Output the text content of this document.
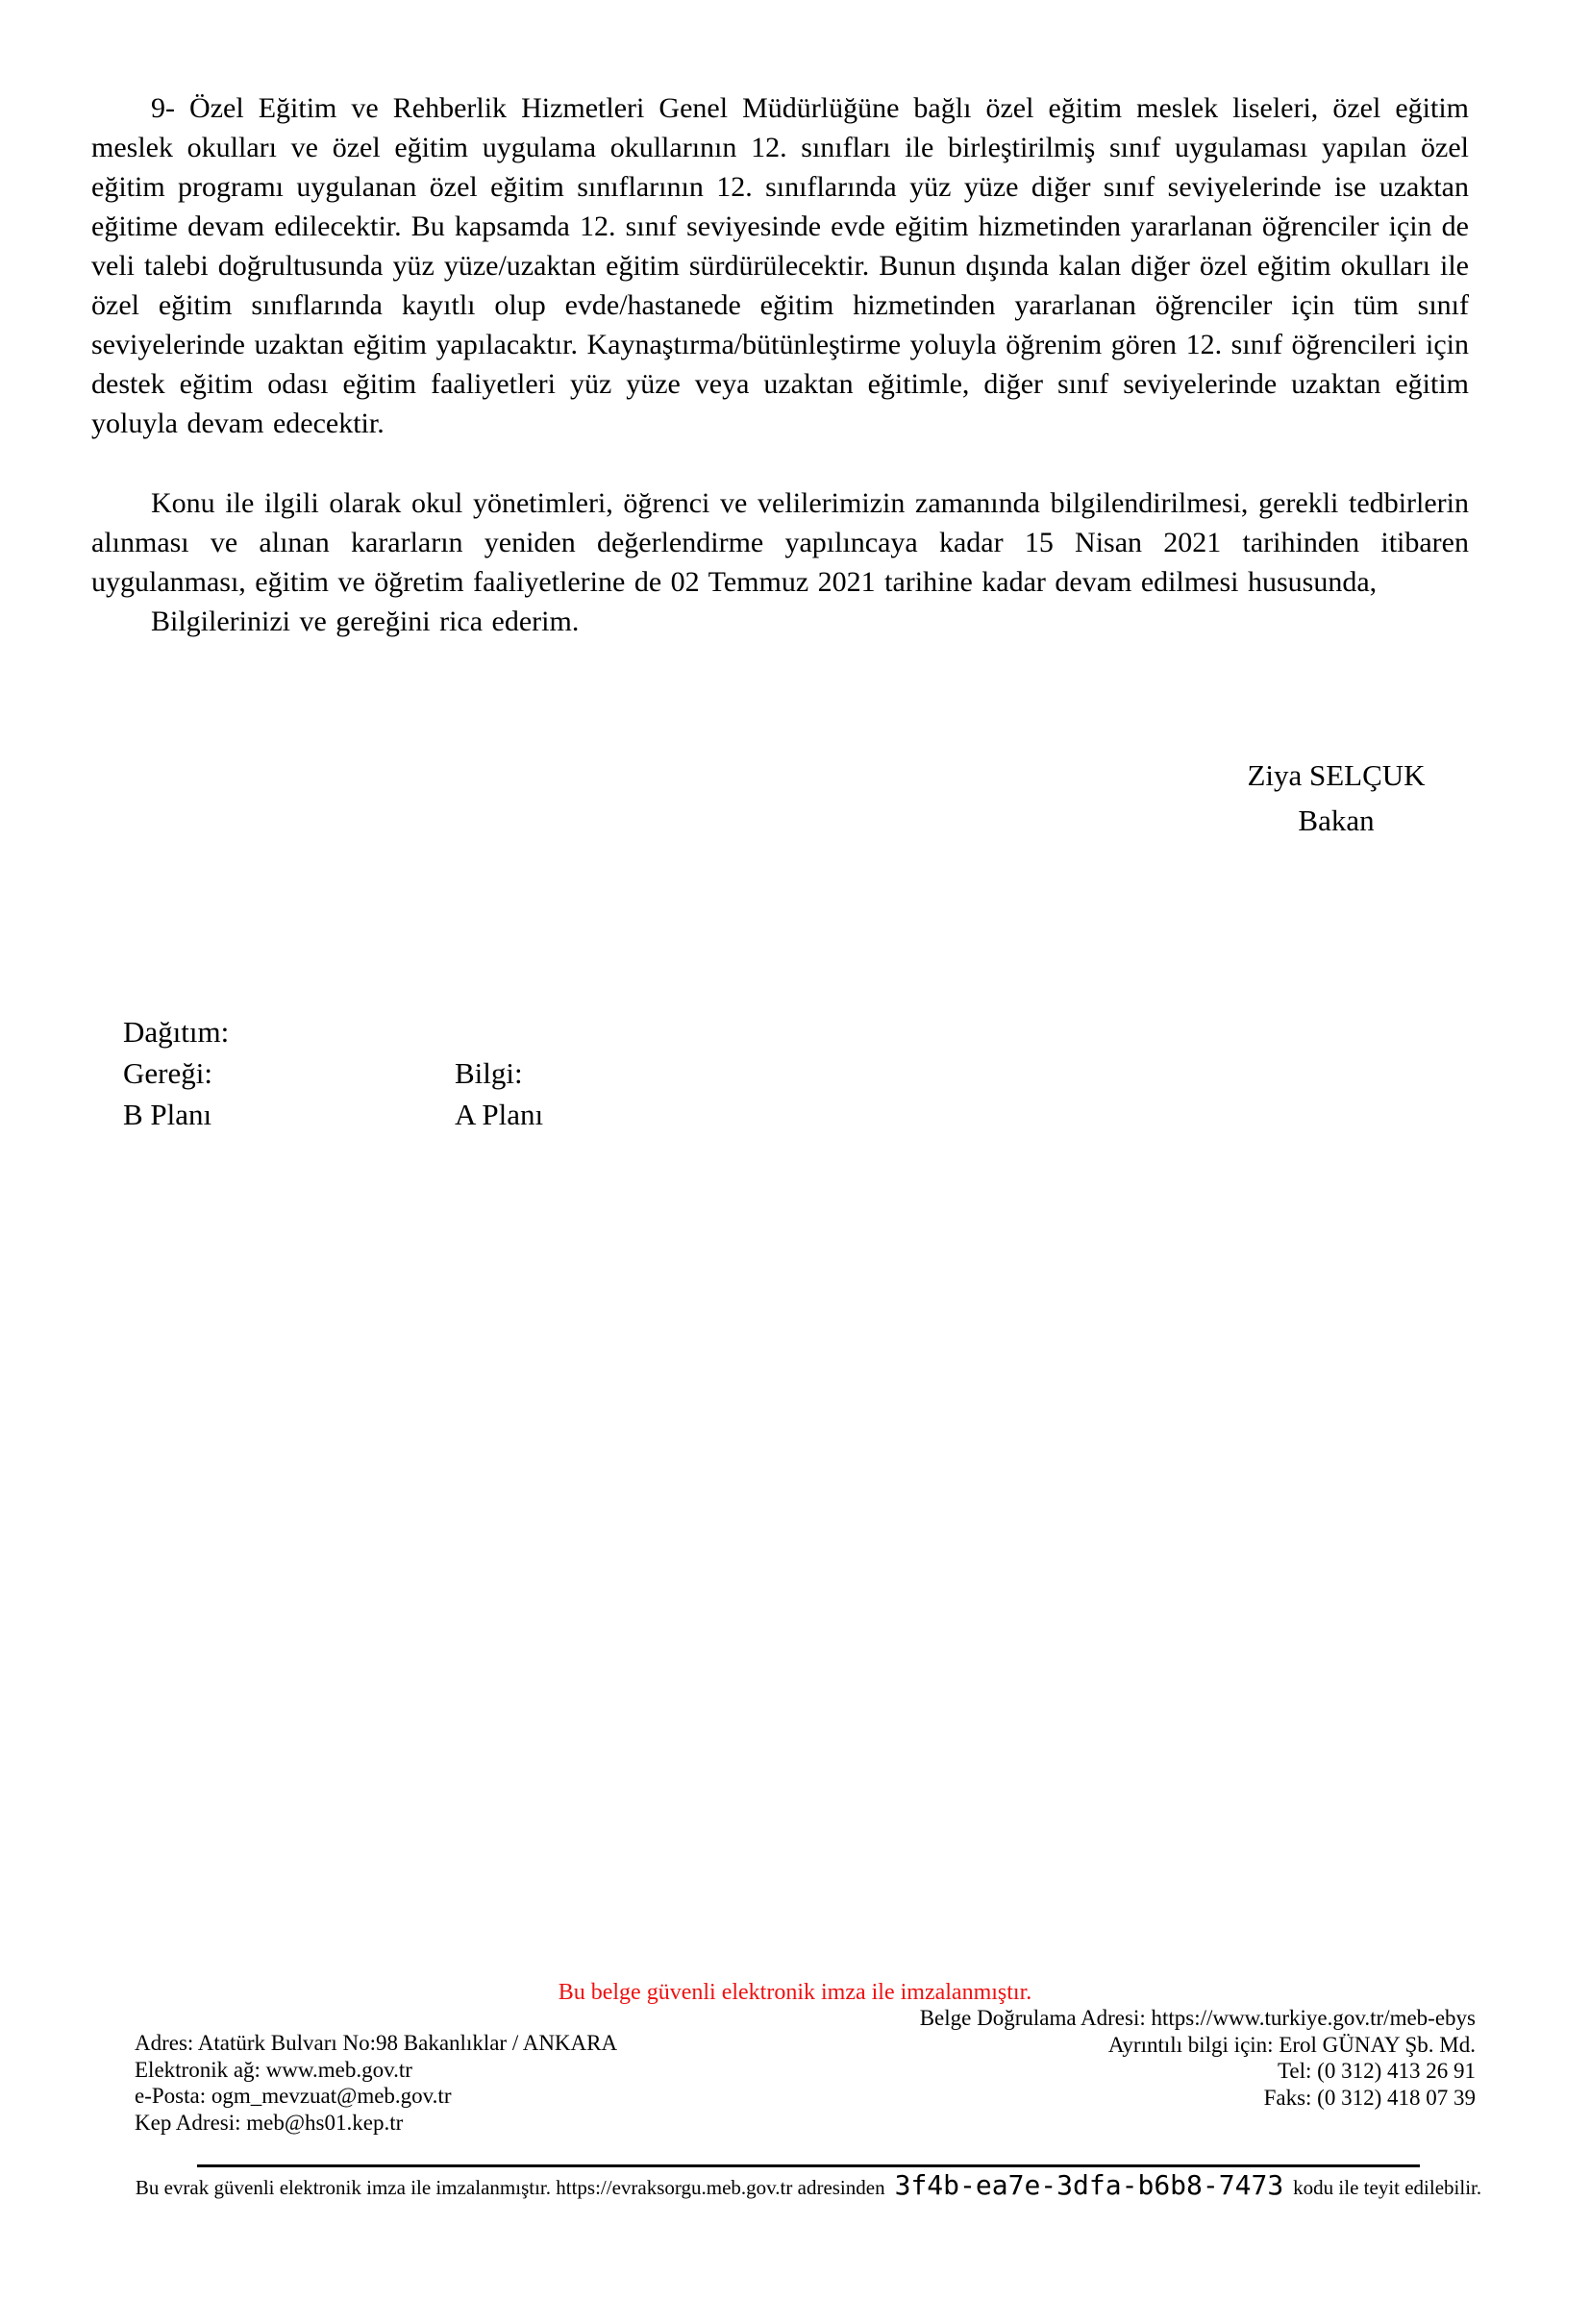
9- Özel Eğitim ve Rehberlik Hizmetleri Genel Müdürlüğüne bağlı özel eğitim meslek liseleri, özel eğitim meslek okulları ve özel eğitim uygulama okullarının 12. sınıfları ile birleştirilmiş sınıf uygulaması yapılan özel eğitim programı uygulanan özel eğitim sınıflarının 12. sınıflarında yüz yüze diğer sınıf seviyelerinde ise uzaktan eğitime devam edilecektir. Bu kapsamda 12. sınıf seviyesinde evde eğitim hizmetinden yararlanan öğrenciler için de veli talebi doğrultusunda yüz yüze/uzaktan eğitim sürdürülecektir. Bunun dışında kalan diğer özel eğitim okulları ile özel eğitim sınıflarında kayıtlı olup evde/hastanede eğitim hizmetinden yararlanan öğrenciler için tüm sınıf seviyelerinde uzaktan eğitim yapılacaktır. Kaynaştırma/bütünleştirme yoluyla öğrenim gören 12. sınıf öğrencileri için destek eğitim odası eğitim faaliyetleri yüz yüze veya uzaktan eğitimle, diğer sınıf seviyelerinde uzaktan eğitim yoluyla devam edecektir.

Konu ile ilgili olarak okul yönetimleri, öğrenci ve velilerimizin zamanında bilgilendirilmesi, gerekli tedbirlerin alınması ve alınan kararların yeniden değerlendirme yapılıncaya kadar 15 Nisan 2021 tarihinden itibaren uygulanması, eğitim ve öğretim faaliyetlerine de 02 Temmuz 2021 tarihine kadar devam edilmesi hususunda,

Bilgilerinizi ve gereğini rica ederim.

Ziya SELÇUK
Bakan
Dağıtım:
Gereği:	Bilgi:
B Planı	A Planı
Bu belge güvenli elektronik imza ile imzalanmıştır.
Adres: Atatürk Bulvarı No:98 Bakanlıklar / ANKARA
Elektronik ağ: www.meb.gov.tr
e-Posta: ogm_mevzuat@meb.gov.tr
Kep Adresi: meb@hs01.kep.tr
Belge Doğrulama Adresi: https://www.turkiye.gov.tr/meb-ebys
Ayrıntılı bilgi için: Erol GÜNAY Şb. Md.
Tel: (0 312) 413 26 91
Faks: (0 312) 418 07 39
Bu evrak güvenli elektronik imza ile imzalanmıştır. https://evraksorgu.meb.gov.tr adresinden 3f4b-ea7e-3dfa-b6b8-7473 kodu ile teyit edilebilir.
